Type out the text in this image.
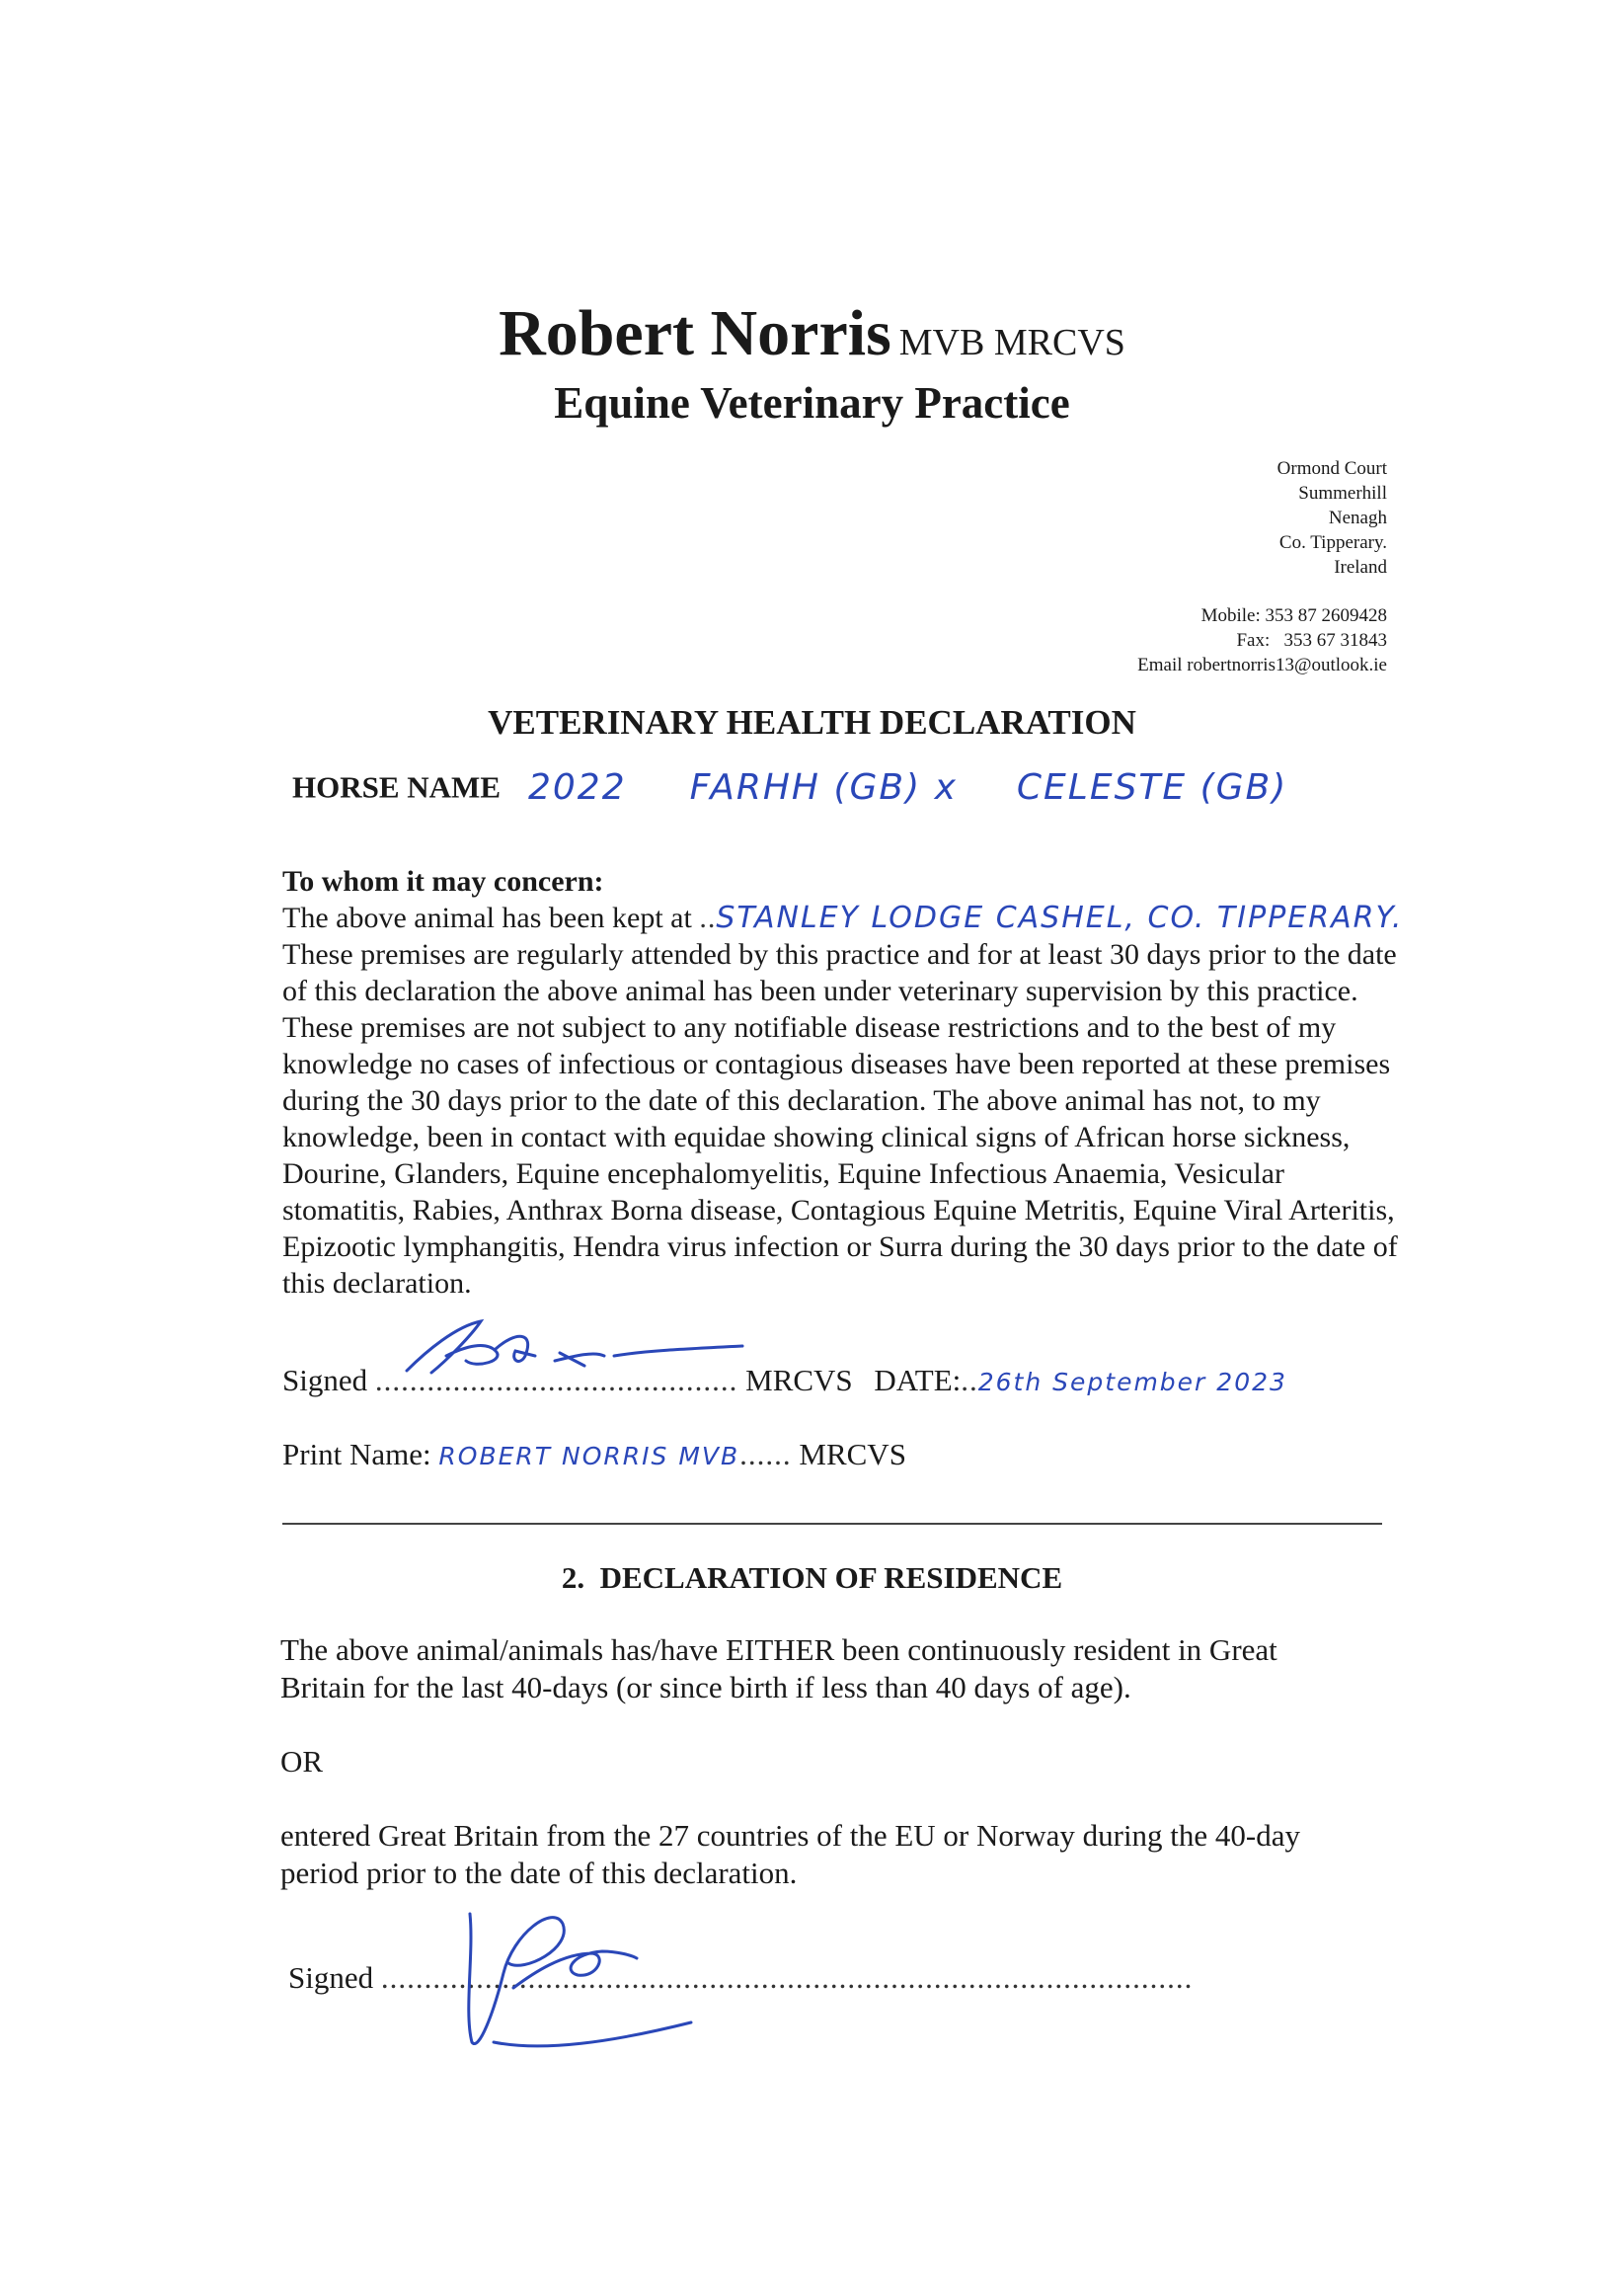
Robert Norris MVB MRCVS
Equine Veterinary Practice
Ormond Court
Summerhill
Nenagh
Co. Tipperary.
Ireland
Mobile: 353 87 2609428
Fax:   353 67 31843
Email robertnorris13@outlook.ie
VETERINARY HEALTH DECLARATION
HORSE NAME 2022 FARHH (GB) x CELESTE (GB)
To whom it may concern:
The above animal has been kept at ..STANLEY LODGE CASHEL, CO. TIPPERARY.
These premises are regularly attended by this practice and for at least 30 days prior to the date of this declaration the above animal has been under veterinary supervision by this practice. These premises are not subject to any notifiable disease restrictions and to the best of my knowledge no cases of infectious or contagious diseases have been reported at these premises during the 30 days prior to the date of this declaration. The above animal has not, to my knowledge, been in contact with equidae showing clinical signs of African horse sickness, Dourine, Glanders, Equine encephalomyelitis, Equine Infectious Anaemia, Vesicular stomatitis, Rabies, Anthrax Borna disease, Contagious Equine Metritis, Equine Viral Arteritis, Epizootic lymphangitis, Hendra virus infection or Surra during the 30 days prior to the date of this declaration.
Signed .......................................... MRCVS DATE:..26th September 2023
Print Name: ROBERT NORRIS MVB...... MRCVS
2.  DECLARATION OF RESIDENCE
The above animal/animals has/have EITHER been continuously resident in Great Britain for the last 40-days (or since birth if less than 40 days of age).
OR
entered Great Britain from the 27 countries of the EU or Norway during the 40-day period prior to the date of this declaration.
Signed ..............................................................................................
